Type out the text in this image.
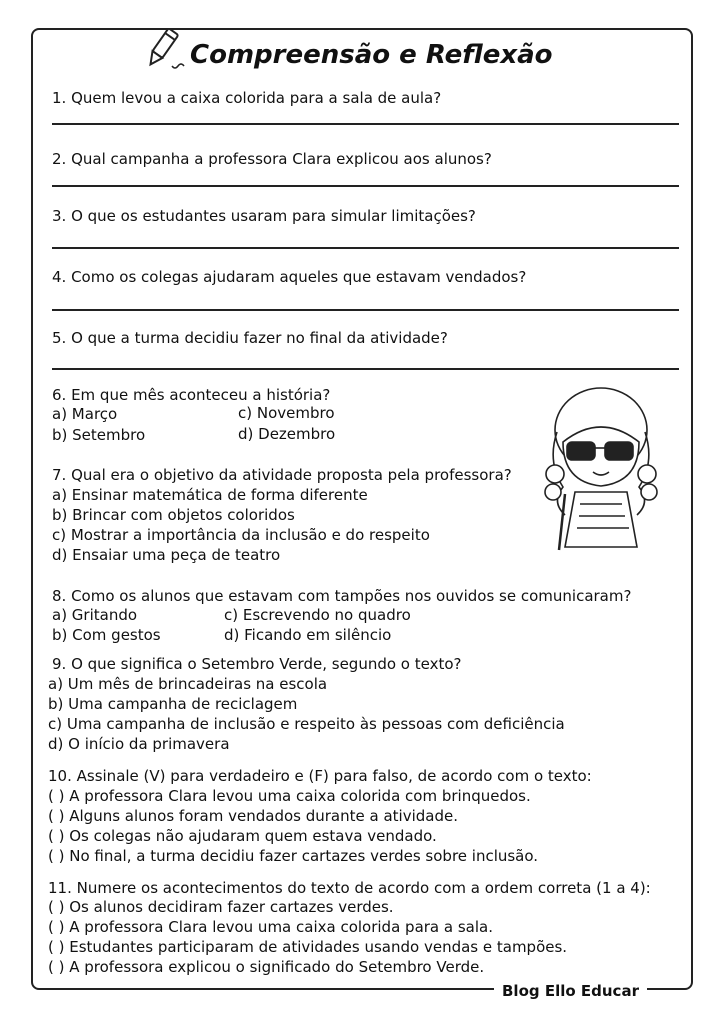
Compreensão e Reflexão
1. Quem levou a caixa colorida para a sala de aula?
2. Qual campanha a professora Clara explicou aos alunos?
3. O que os estudantes usaram para simular limitações?
4. Como os colegas ajudaram aqueles que estavam vendados?
5. O que a turma decidiu fazer no final da atividade?
6. Em que mês aconteceu a história?
a) Março	c) Novembro
b) Setembro	d) Dezembro
7. Qual era o objetivo da atividade proposta pela professora?
a) Ensinar matemática de forma diferente
b) Brincar com objetos coloridos
c) Mostrar a importância da inclusão e do respeito
d) Ensaiar uma peça de teatro
8. Como os alunos que estavam com tampões nos ouvidos se comunicaram?
a) Gritando	c) Escrevendo no quadro
b) Com gestos	d) Ficando em silêncio
9. O que significa o Setembro Verde, segundo o texto?
a) Um mês de brincadeiras na escola
b) Uma campanha de reciclagem
c) Uma campanha de inclusão e respeito às pessoas com deficiência
d) O início da primavera
10. Assinale (V) para verdadeiro e (F) para falso, de acordo com o texto:
( ) A professora Clara levou uma caixa colorida com brinquedos.
( ) Alguns alunos foram vendados durante a atividade.
( ) Os colegas não ajudaram quem estava vendado.
( ) No final, a turma decidiu fazer cartazes verdes sobre inclusão.
11. Numere os acontecimentos do texto de acordo com a ordem correta (1 a 4):
( ) Os alunos decidiram fazer cartazes verdes.
( ) A professora Clara levou uma caixa colorida para a sala.
( ) Estudantes participaram de atividades usando vendas e tampões.
( ) A professora explicou o significado do Setembro Verde.
Blog Ello Educar
